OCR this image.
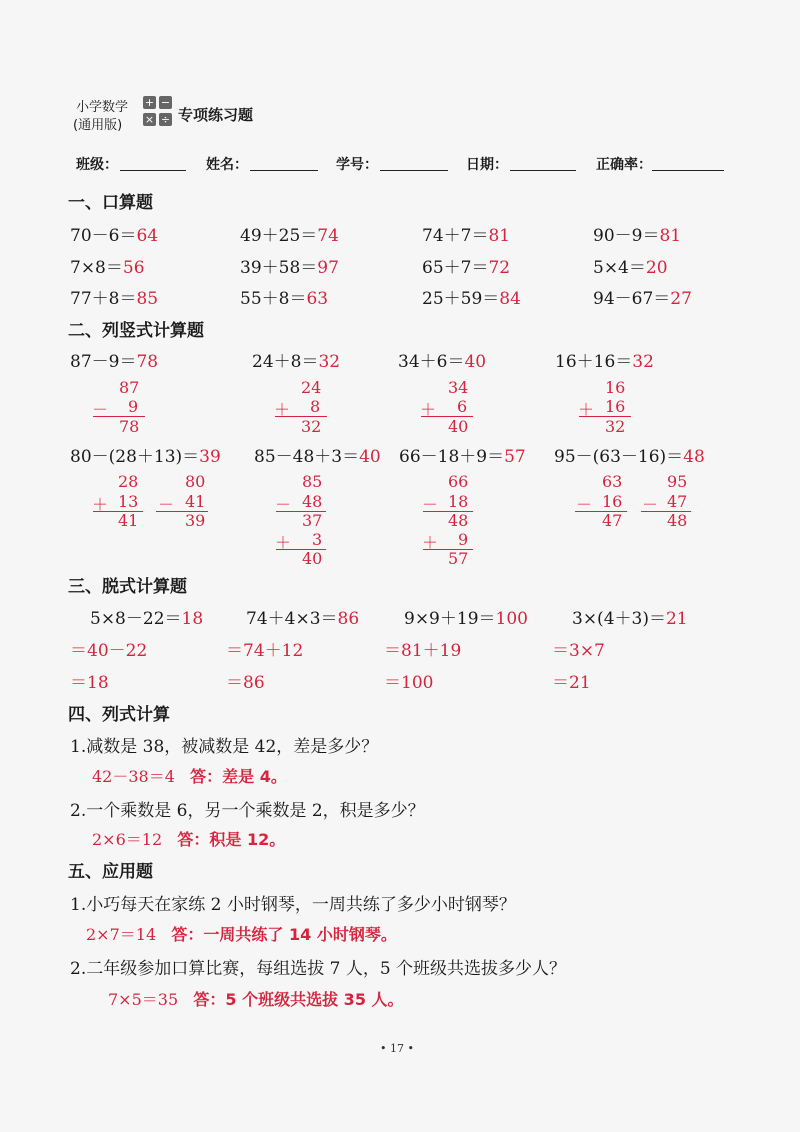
小学数学
(通用版)
+ −
× ÷ 专项练习题
班级：	姓名：	学号：	日期：	正确率：
一、口算题
70－6＝64	49＋25＝74	74＋7＝81	90－9＝81
7×8＝56	39＋58＝97	65＋7＝72	5×4＝20
77＋8＝85	55＋8＝63	25＋59＝84	94－67＝27
二、列竖式计算题
87－9＝78	24＋8＝32	34＋6＝40	16＋16＝32
87
－ 9
78
24
＋ 8
32
34
＋ 6
40
16
＋ 16
32
80－(28＋13)＝39 85－48＋3＝40 66－18＋9＝57 95－(63－16)＝48
28
＋ 13
41
80
－ 41
39
85
－ 48
37
＋ 3
40
66
－ 18
48
＋ 9
57
63
－ 16
47
95
－ 47
48
三、脱式计算题
5×8－22＝18	74＋4×3＝86	9×9＋19＝100	3×(4＋3)＝21
＝40－22	＝74＋12	＝81＋19	＝3×7
＝18	＝86	＝100	＝21
四、列式计算
1.减数是 38，被减数是 42，差是多少？
42－38＝4 答：差是 4。
2.一个乘数是 6，另一个乘数是 2，积是多少？
2×6＝12 答：积是 12。
五、应用题
1.小巧每天在家练 2 小时钢琴，一周共练了多少小时钢琴？
2×7＝14 答：一周共练了 14 小时钢琴。
2.二年级参加口算比赛，每组选拔 7 人，5 个班级共选拔多少人？
7×5＝35 答：5 个班级共选拔 35 人。
• 17 •
